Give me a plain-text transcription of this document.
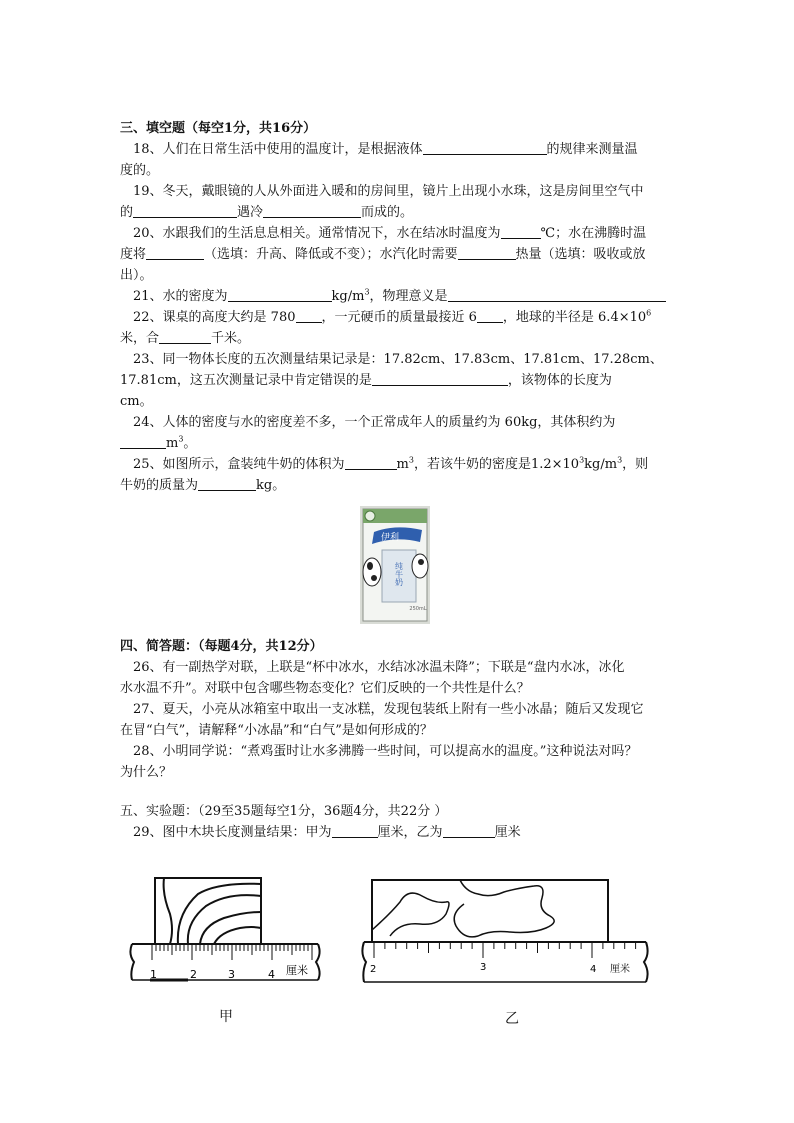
三、填空题（每空1分，共16分）

18、人们在日常生活中使用的温度计，是根据液体	的规律来测量温
度的。

19、冬天，戴眼镜的人从外面进入暖和的房间里，镜片上出现小水珠，这是房间里空气中
的	遇冷	而成的。

20、水跟我们的生活息息相关。通常情况下，水在结冰时温度为	℃；水在沸腾时温
度将	（选填：升高、降低或不变）；水汽化时需要	热量（选填：吸收或放
出）。

21、水的密度为	$kg/m^3$，物理意义是

22、课桌的高度大约是 780 ，一元硬币的质量最接近 6 ，地球的半径是 $6.4\times 10^6$
米，合	千米。

23、同一物体长度的五次测量结果记录是：17.82cm、17.83cm、17.81cm、17.28cm、
17.81cm，这五次测量记录中肯定错误的是	，该物体的长度为
cm。

24、人体的密度与水的密度差不多，一个正常成年人的质量约为 60kg，其体积约为
$m^3$。

25、如图所示，盒装纯牛奶的体积为	$m^3$，若该牛奶的密度是$1.2\times 10^3kg/m^3$，则
牛奶的质量为	kg。

伊利
纯牛奶
250mL

四、简答题：（每题4分，共12分）

26、有一副热学对联，上联是“杯中冰水，水结冰冰温未降”；下联是“盘内水冰，冰化
水水温不升”。对联中包含哪些物态变化？它们反映的一个共性是什么？

27、夏天，小亮从冰箱室中取出一支冰糕，发现包装纸上附有一些小冰晶；随后又发现它
在冒“白气”，请解释“小冰晶”和“白气”是如何形成的？

28、小明同学说：“煮鸡蛋时让水多沸腾一些时间，可以提高水的温度。”这种说法对吗？
为什么？

五、实验题：（29至35题每空1分，36题4分，共22分 ）

29、图中木块长度测量结果：甲为	厘米，乙为	厘米

1	2	3	4 厘米
甲
2	3	4 厘米
乙
